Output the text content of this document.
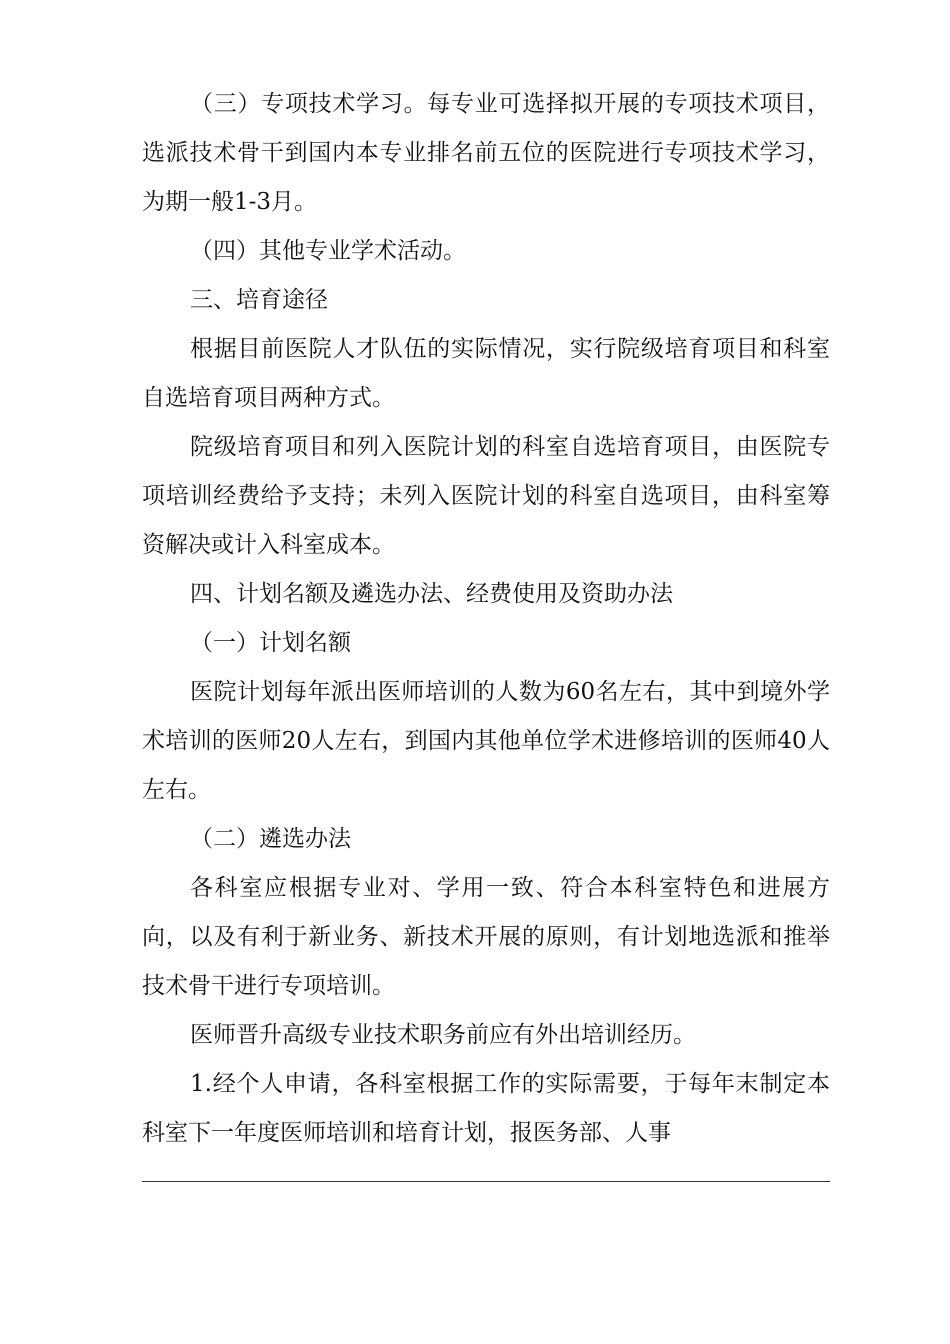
（三）专项技术学习。每专业可选择拟开展的专项技术项目，选派技术骨干到国内本专业排名前五位的医院进行专项技术学习，为期一般1-3月。

（四）其他专业学术活动。

三、培育途径

根据目前医院人才队伍的实际情况，实行院级培育项目和科室自选培育项目两种方式。

院级培育项目和列入医院计划的科室自选培育项目，由医院专项培训经费给予支持；未列入医院计划的科室自选项目，由科室筹资解决或计入科室成本。

四、计划名额及遴选办法、经费使用及资助办法

（一）计划名额

医院计划每年派出医师培训的人数为60名左右，其中到境外学术培训的医师20人左右，到国内其他单位学术进修培训的医师40人左右。

（二）遴选办法

各科室应根据专业对、学用一致、符合本科室特色和进展方向，以及有利于新业务、新技术开展的原则，有计划地选派和推举技术骨干进行专项培训。

医师晋升高级专业技术职务前应有外出培训经历。

1.经个人申请，各科室根据工作的实际需要，于每年末制定本科室下一年度医师培训和培育计划，报医务部、人事
